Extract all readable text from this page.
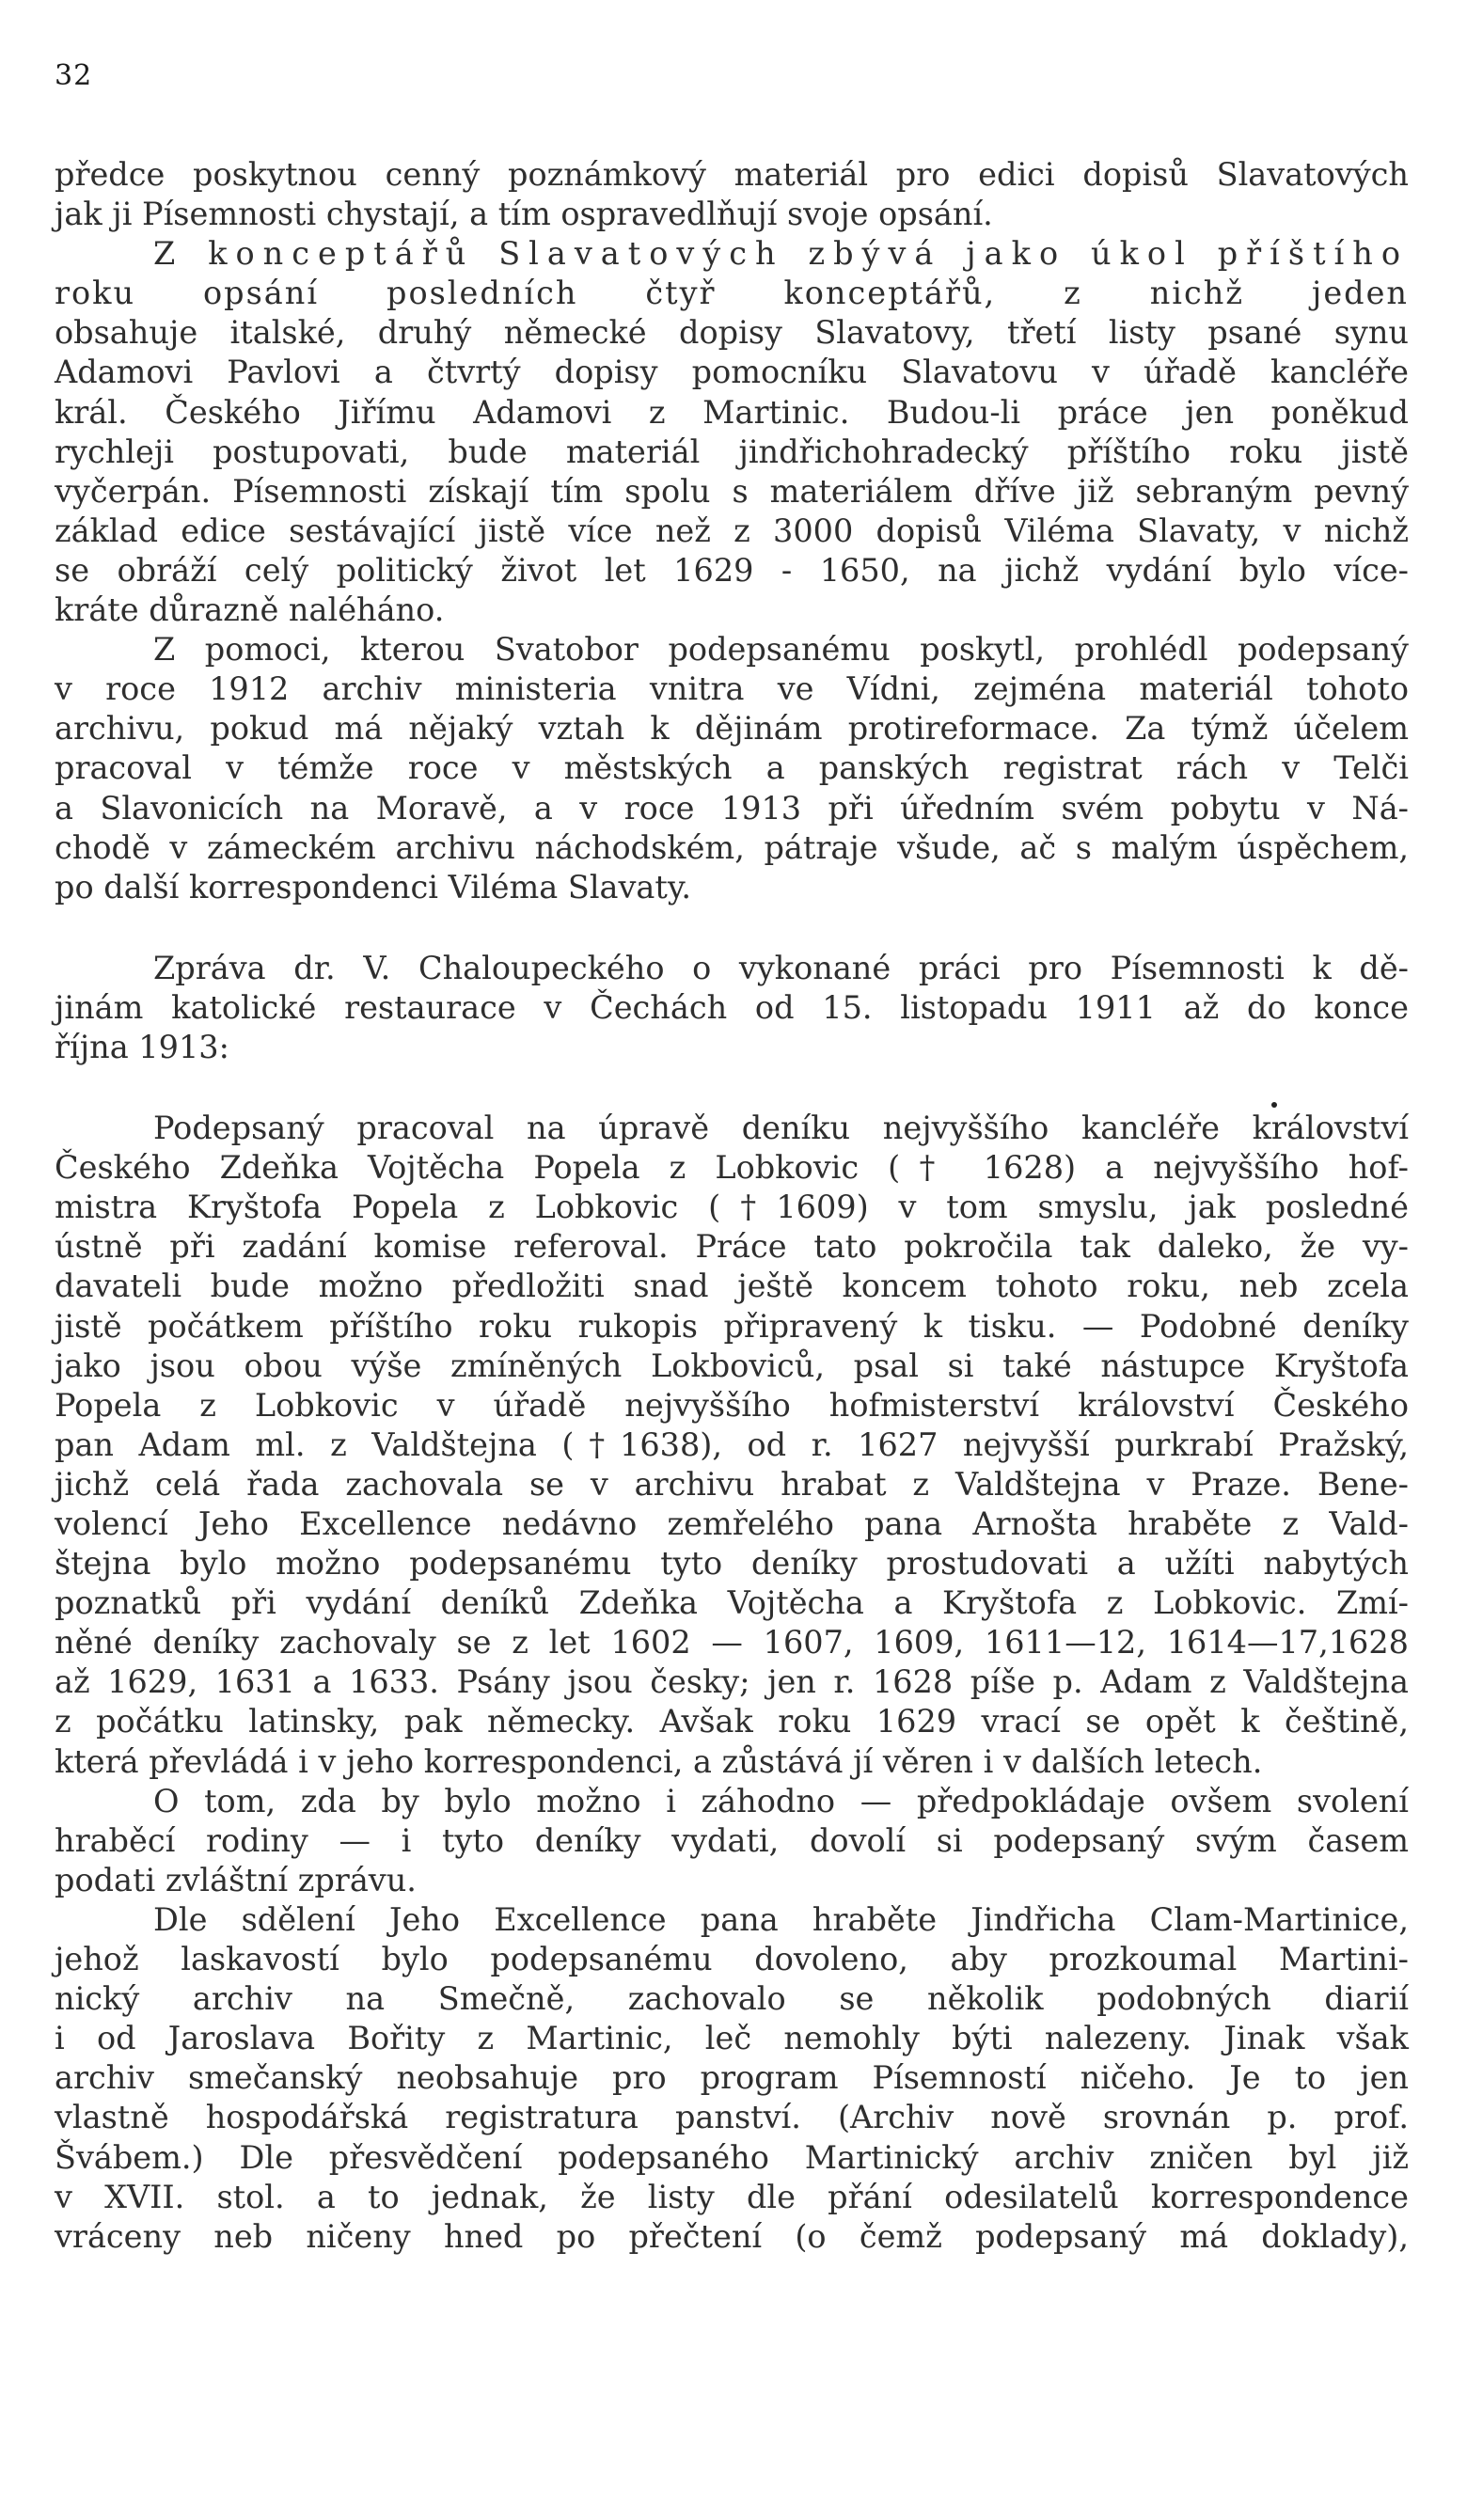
32
předce poskytnou cenný poznámkový materiál pro edici dopisů Slavatových
jak ji Písemnosti chystají, a tím ospravedlňují svoje opsání.
Z konceptářů Slavatových zbývá jako úkol příštího
roku opsání posledních čtyř konceptářů, z nichž jeden
obsahuje italské, druhý německé dopisy Slavatovy, třetí listy psané synu
Adamovi Pavlovi a čtvrtý dopisy pomocníku Slavatovu v úřadě kancléře
král. Českého Jiřímu Adamovi z Martinic. Budou-li práce jen poněkud
rychleji postupovati, bude materiál jindřichohradecký příštího roku jistě
vyčerpán. Písemnosti získají tím spolu s materiálem dříve již sebraným pevný
základ edice sestávající jistě více než z 3000 dopisů Viléma Slavaty, v nichž
se obráží celý politický život let 1629 - 1650, na jichž vydání bylo více-
kráte důrazně naléháno.
Z pomoci, kterou Svatobor podepsanému poskytl, prohlédl podepsaný
v roce 1912 archiv ministeria vnitra ve Vídni, zejména materiál tohoto
archivu, pokud má nějaký vztah k dějinám protireformace. Za týmž účelem
pracoval v témže roce v městských a panských registrat rách v Telči
a Slavonicích na Moravě, a v roce 1913 při úředním svém pobytu v Ná-
chodě v zámeckém archivu náchodském, pátraje všude, ač s malým úspěchem,
po další korrespondenci Viléma Slavaty.
Zpráva dr. V. Chaloupeckého o vykonané práci pro Písemnosti k dě-
jinám katolické restaurace v Čechách od 15. listopadu 1911 až do konce
října 1913:
Podepsaný pracoval na úpravě deníku nejvyššího kancléře království
Českého Zdeňka Vojtěcha Popela z Lobkovic († 1628) a nejvyššího hof-
mistra Kryštofa Popela z Lobkovic (†1609) v tom smyslu, jak posledné
ústně při zadání komise referoval. Práce tato pokročila tak daleko, že vy-
davateli bude možno předložiti snad ještě koncem tohoto roku, neb zcela
jistě počátkem příštího roku rukopis připravený k tisku. — Podobné deníky
jako jsou obou výše zmíněných Lokboviců, psal si také nástupce Kryštofa
Popela z Lobkovic v úřadě nejvyššího hofmisterství království Českého
pan Adam ml. z Valdštejna (†1638), od r. 1627 nejvyšší purkrabí Pražský,
jichž celá řada zachovala se v archivu hrabat z Valdštejna v Praze. Bene-
volencí Jeho Excellence nedávno zemřelého pana Arnošta hraběte z Vald-
štejna bylo možno podepsanému tyto deníky prostudovati a užíti nabytých
poznatků při vydání deníků Zdeňka Vojtěcha a Kryštofa z Lobkovic. Zmí-
něné deníky zachovaly se z let 1602 — 1607, 1609, 1611—12, 1614—17,1628
až 1629, 1631 a 1633. Psány jsou česky; jen r. 1628 píše p. Adam z Valdštejna
z počátku latinsky, pak německy. Avšak roku 1629 vrací se opět k češtině,
která převládá i v jeho korrespondenci, a zůstává jí věren i v dalších letech.
O tom, zda by bylo možno i záhodno — předpokládaje ovšem svolení
hraběcí rodiny — i tyto deníky vydati, dovolí si podepsaný svým časem
podati zvláštní zprávu.
Dle sdělení Jeho Excellence pana hraběte Jindřicha Clam-Martinice,
jehož laskavostí bylo podepsanému dovoleno, aby prozkoumal Martini-
nický archiv na Smečně, zachovalo se několik podobných diarií
i od Jaroslava Bořity z Martinic, leč nemohly býti nalezeny. Jinak však
archiv smečanský neobsahuje pro program Písemností ničeho. Je to jen
vlastně hospodářská registratura panství. (Archiv nově srovnán p. prof.
Švábem.) Dle přesvědčení podepsaného Martinický archiv zničen byl již
v XVII. stol. a to jednak, že listy dle přání odesilatelů korrespondence
vráceny neb ničeny hned po přečtení (o čemž podepsaný má doklady),
